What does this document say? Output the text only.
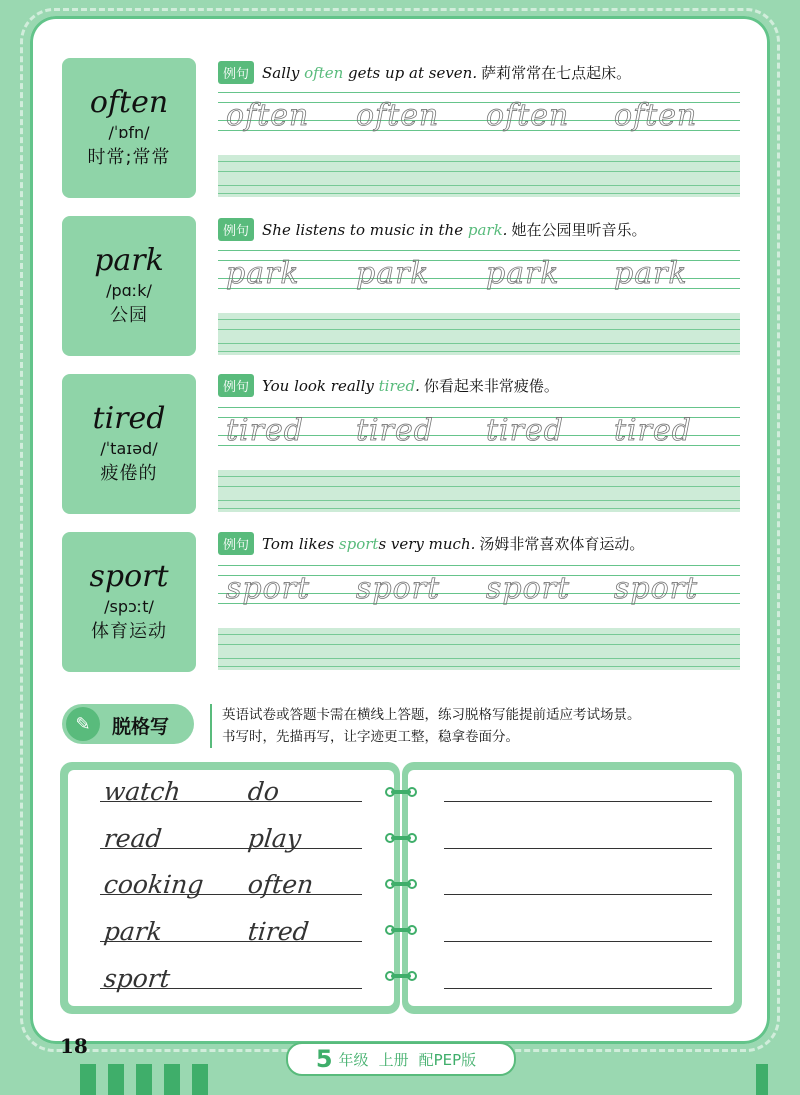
often
/ˈɒfn/
时常;常常
例句 Sally often gets up at seven. 萨莉常常在七点起床。
often often often often
park
/pɑːk/
公园
例句 She listens to music in the park. 她在公园里听音乐。
park park park park
tired
/ˈtaɪəd/
疲倦的
例句 You look really tired. 你看起来非常疲倦。
tired tired tired tired
sport
/spɔːt/
体育运动
例句 Tom likes sports very much. 汤姆非常喜欢体育运动。
sport sport sport sport
✎	脱格写
英语试卷或答题卡需在横线上答题，练习脱格写能提前适应考试场景。
书写时，先描再写，让字迹更工整，稳拿卷面分。
watch	do
read	play
cooking often
park	tired
sport
18	5 年级 上册 配PEP版
